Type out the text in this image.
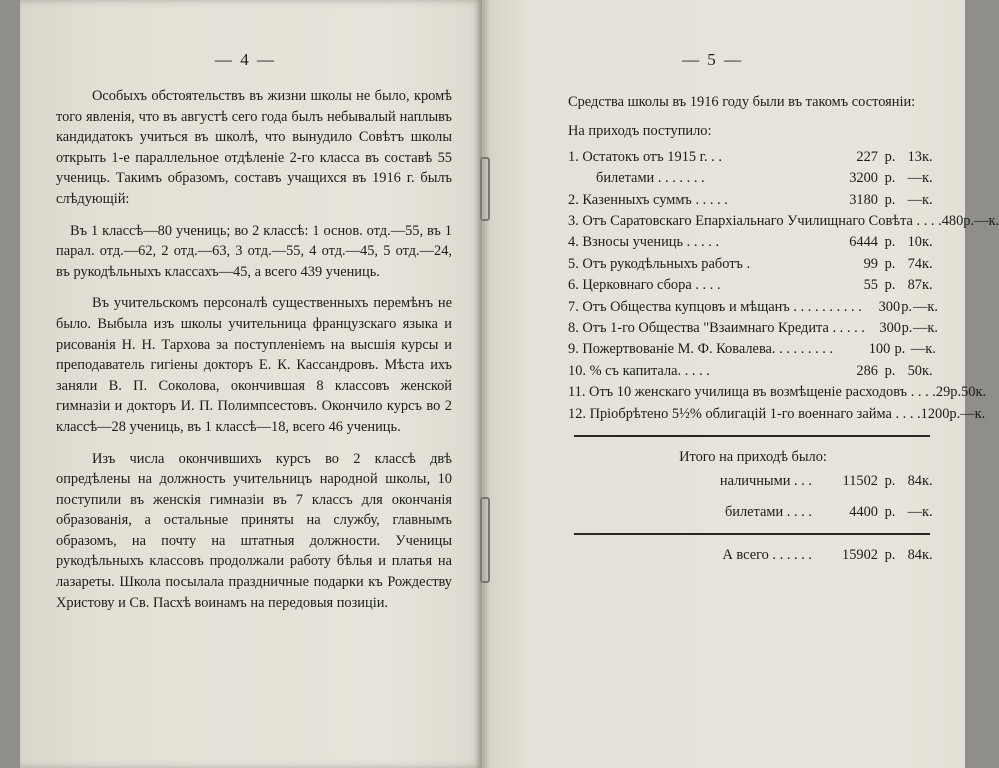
— 4 —

Особыхъ обстоятельствъ въ жизни школы не было, кромѣ того явленія, что въ августѣ сего года былъ небывалый наплывъ кандидатокъ учиться въ школѣ, что вынудило Совѣтъ школы открыть 1-е параллельное отдѣленіе 2-го класса въ составѣ 55 учениць. Такимъ образомъ, составъ учащихся въ 1916 г. былъ слѣдующій:

Въ 1 классѣ—80 учениць; во 2 классѣ: 1 основ. отд.—55, въ 1 парал. отд.—62, 2 отд.—63, 3 отд.—55, 4 отд.—45, 5 отд.—24, въ рукодѣльныхъ классахъ—45, а всего 439 учениць.

Въ учительскомъ персоналѣ существенныхъ перемѣнъ не было. Выбыла изъ школы учительница французскаго языка и рисованія Н. Н. Тархова за поступленіемъ на высшія курсы и преподаватель гигіены докторъ Е. К. Кассандровъ. Мѣста ихъ заняли В. П. Соколова, окончившая 8 классовъ женской гимназіи и докторъ И. П. Полимпсестовъ. Окончило курсъ во 2 классѣ—28 учениць, въ 1 классѣ—18, всего 46 учениць.

Изъ числа окончившихъ курсъ во 2 классѣ двѣ опредѣлены на должность учительницъ народной школы, 10 поступили въ женскія гимназіи въ 7 классъ для окончанія образованія, а остальные приняты на службу, главнымъ образомъ, на почту на штатныя должности. Ученицы рукодѣльныхъ классовъ продолжали работу бѣлья и платья на лазареты. Школа посылала праздничные подарки къ Рождеству Христову и Св. Пасхѣ воинамъ на передовыя позиціи.

— 5 —

Средства школы въ 1916 году были въ такомъ состояніи:

На приходъ поступило:
1. Остатокъ отъ 1915 г. . .	227 р. 13 к.
билетами . . . . . . .	3200 р. — к.
2. Казенныхъ суммъ . . . . .	3180 р. — к.
3. Отъ Саратовскаго Епархіальнаго Училищнаго Совѣта . . . . 480 р. — к.
4. Взносы учениць . . . . .	6444 р. 10 к.
5. Отъ рукодѣльныхъ работъ .	99 р. 74 к.
6. Церковнаго сбора . . . .	55 р. 87 к.
7. Отъ Общества купцовъ и мѣщанъ . . . . . . . . . .	300 р. — к.
8. Отъ 1-го Общества "Взаимнаго Кредита . . . . .	300 р. — к.
9. Пожертвованіе М. Ф. Ковалева. . . . . . . . .	100 р. — к.
10. % съ капитала. . . . .	286 р. 50 к.
11. Отъ 10 женскаго училища въ возмѣщеніе расходовъ . . . . 29 р. 50 к.
12. Пріобрѣтено 5½% облигацій 1-го военнаго займа . . . . 1200 р. — к.
Итого на приходѣ было:
наличными . . .	11502 р. 84 к.
билетами . . . .	4400 р. — к.
А всего . . . . . .	15902 р. 84 к.
